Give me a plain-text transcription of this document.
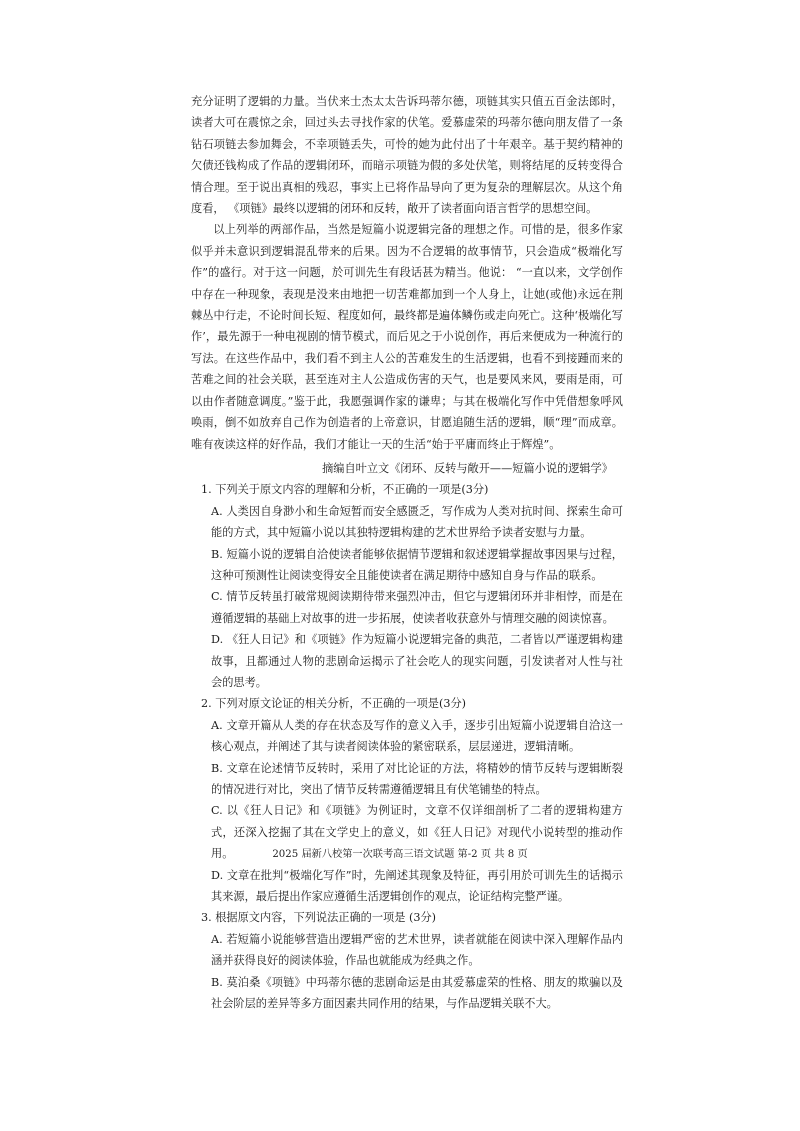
充分证明了逻辑的力量。当伏来士杰太太告诉玛蒂尔德，项链其实只值五百金法郎时，读者大可在震惊之余，回过头去寻找作家的伏笔。爱慕虚荣的玛蒂尔德向朋友借了一条钻石项链去参加舞会，不幸项链丢失，可怜的她为此付出了十年艰辛。基于契约精神的欠债还钱构成了作品的逻辑闭环，而暗示项链为假的多处伏笔，则将结尾的反转变得合情合理。至于说出真相的残忍，事实上已将作品导向了更为复杂的理解层次。从这个角度看， 《项链》最终以逻辑的闭环和反转，敞开了读者面向语言哲学的思想空间。

以上列举的两部作品，当然是短篇小说逻辑完备的理想之作。可惜的是，很多作家似乎并未意识到逻辑混乱带来的后果。因为不合逻辑的故事情节，只会造成“极端化写作”的盛行。对于这一问题，於可训先生有段话甚为精当。他说： “一直以来，文学创作中存在一种现象，表现是没来由地把一切苦难都加到一个人身上，让她(或他)永远在荆棘丛中行走，不论时间长短、程度如何，最终都是遍体鳞伤或走向死亡。这种‘极端化写作’，最先源于一种电视剧的情节模式，而后见之于小说创作，再后来便成为一种流行的写法。在这些作品中，我们看不到主人公的苦难发生的生活逻辑，也看不到接踵而来的苦难之间的社会关联，甚至连对主人公造成伤害的天气，也是要风来风，要雨是雨，可以由作者随意调度。”鉴于此，我愿强调作家的谦卑；与其在极端化写作中凭借想象呼风唤雨，倒不如放弃自己作为创造者的上帝意识，甘愿追随生活的逻辑，顺“理”而成章。唯有夜读这样的好作品，我们才能让一天的生活“始于平庸而终止于辉煌”。

摘编自叶立文《闭环、反转与敞开——短篇小说的逻辑学》

1. 下列关于原文内容的理解和分析，不正确的一项是(3分)
A. 人类因自身渺小和生命短暂而安全感匮乏，写作成为人类对抗时间、探索生命可能的方式，其中短篇小说以其独特逻辑构建的艺术世界给予读者安慰与力量。
B. 短篇小说的逻辑自洽使读者能够依据情节逻辑和叙述逻辑掌握故事因果与过程，这种可预测性让阅读变得安全且能使读者在满足期待中感知自身与作品的联系。
C. 情节反转虽打破常规阅读期待带来强烈冲击，但它与逻辑闭环并非相悖，而是在遵循逻辑的基础上对故事的进一步拓展，使读者收获意外与情理交融的阅读惊喜。
D. 《狂人日记》和《项链》作为短篇小说逻辑完备的典范，二者皆以严谨逻辑构建故事，且都通过人物的悲剧命运揭示了社会吃人的现实问题，引发读者对人性与社会的思考。
2. 下列对原文论证的相关分析，不正确的一项是(3分)
A. 文章开篇从人类的存在状态及写作的意义入手，逐步引出短篇小说逻辑自洽这一核心观点，并阐述了其与读者阅读体验的紧密联系，层层递进，逻辑清晰。
B. 文章在论述情节反转时，采用了对比论证的方法，将精妙的情节反转与逻辑断裂的情况进行对比，突出了情节反转需遵循逻辑且有伏笔铺垫的特点。
C. 以《狂人日记》和《项链》为例证时，文章不仅详细剖析了二者的逻辑构建方式，还深入挖掘了其在文学史上的意义，如《狂人日记》对现代小说转型的推动作用。
D. 文章在批判“极端化写作”时，先阐述其现象及特征，再引用於可训先生的话揭示其来源，最后提出作家应遵循生活逻辑创作的观点，论证结构完整严谨。
3. 根据原文内容，下列说法正确的一项是 (3分)
A. 若短篇小说能够营造出逻辑严密的艺术世界，读者就能在阅读中深入理解作品内涵并获得良好的阅读体验，作品也就能成为经典之作。
B. 莫泊桑《项链》中玛蒂尔德的悲剧命运是由其爱慕虚荣的性格、朋友的欺骗以及社会阶层的差异等多方面因素共同作用的结果，与作品逻辑关联不大。
2025 届新八校第一次联考高三语文试题 第-2 页 共 8 页
